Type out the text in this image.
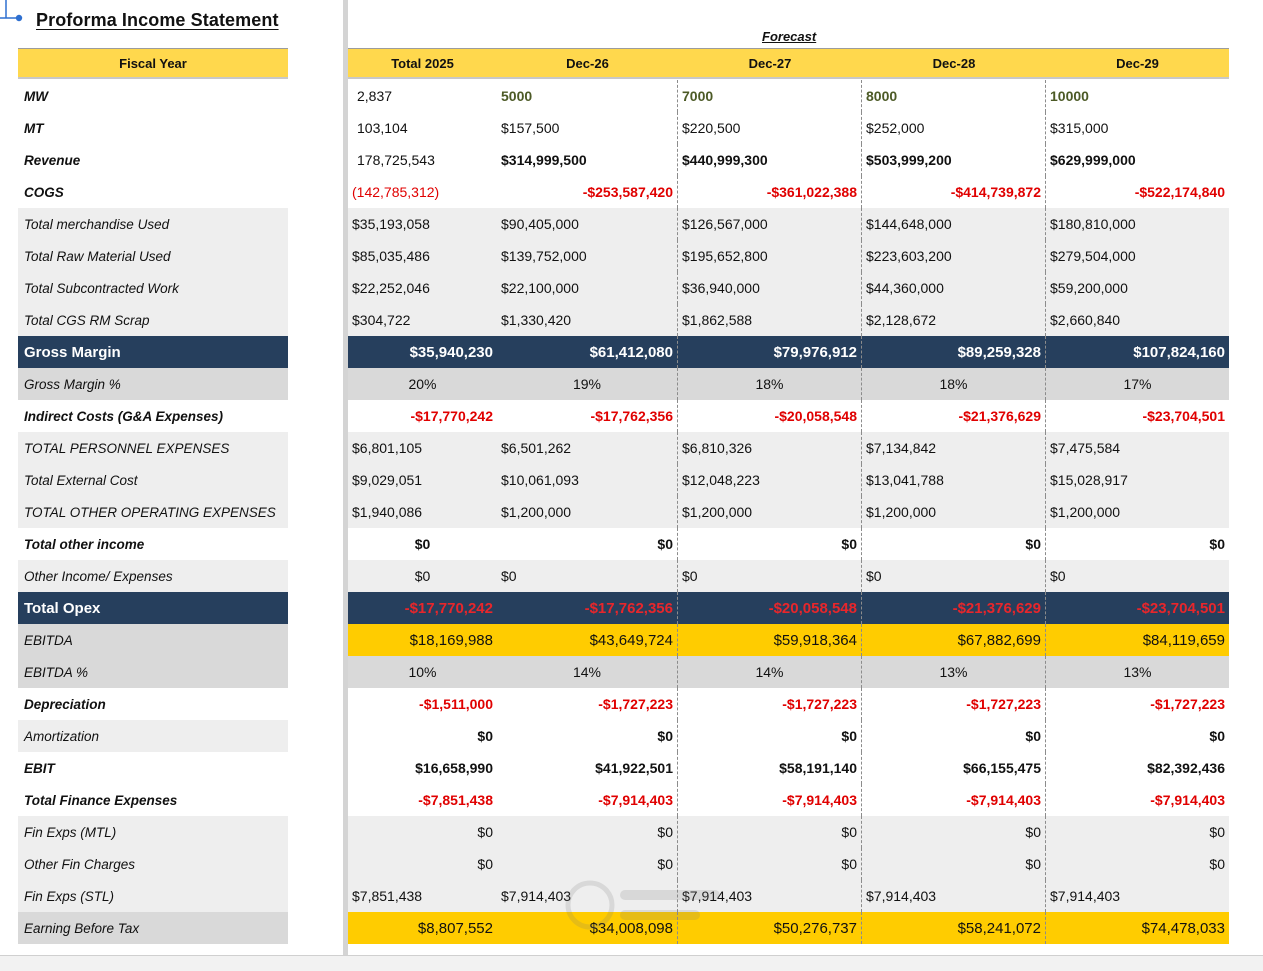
Proforma Income Statement
Forecast
Fiscal Year	Total 2025	Dec-26	Dec-27	Dec-28	Dec-29
MW	2,837	5000	7000	8000	10000
MT	103,104	$157,500	$220,500	$252,000	$315,000
Revenue	178,725,543	$314,999,500	$440,999,300	$503,999,200	$629,999,000
COGS	(142,785,312)	-$253,587,420	-$361,022,388	-$414,739,872	-$522,174,840
Total merchandise Used	$35,193,058	$90,405,000	$126,567,000	$144,648,000	$180,810,000
Total Raw Material Used	$85,035,486	$139,752,000	$195,652,800	$223,603,200	$279,504,000
Total Subcontracted Work	$22,252,046	$22,100,000	$36,940,000	$44,360,000	$59,200,000
Total CGS RM Scrap	$304,722	$1,330,420	$1,862,588	$2,128,672	$2,660,840
Gross Margin	$35,940,230	$61,412,080	$79,976,912	$89,259,328	$107,824,160
Gross Margin %	20%	19%	18%	18%	17%
Indirect Costs (G&A Expenses)	-$17,770,242	-$17,762,356	-$20,058,548	-$21,376,629	-$23,704,501
TOTAL PERSONNEL EXPENSES	$6,801,105	$6,501,262	$6,810,326	$7,134,842	$7,475,584
Total External Cost	$9,029,051	$10,061,093	$12,048,223	$13,041,788	$15,028,917
TOTAL OTHER OPERATING EXPENSES	$1,940,086	$1,200,000	$1,200,000	$1,200,000	$1,200,000
Total other income	$0	$0	$0	$0	$0
Other Income/ Expenses	$0	$0	$0	$0	$0
Total Opex	-$17,770,242	-$17,762,356	-$20,058,548	-$21,376,629	-$23,704,501
EBITDA	$18,169,988	$43,649,724	$59,918,364	$67,882,699	$84,119,659
EBITDA %	10%	14%	14%	13%	13%
Depreciation	-$1,511,000	-$1,727,223	-$1,727,223	-$1,727,223	-$1,727,223
Amortization	$0	$0	$0	$0	$0
EBIT	$16,658,990	$41,922,501	$58,191,140	$66,155,475	$82,392,436
Total Finance Expenses	-$7,851,438	-$7,914,403	-$7,914,403	-$7,914,403	-$7,914,403
Fin Exps (MTL)	$0	$0	$0	$0	$0
Other Fin Charges	$0	$0	$0	$0	$0
Fin Exps (STL)	$7,851,438	$7,914,403	$7,914,403	$7,914,403	$7,914,403
Earning Before Tax	$8,807,552	$34,008,098	$50,276,737	$58,241,072	$74,478,033
